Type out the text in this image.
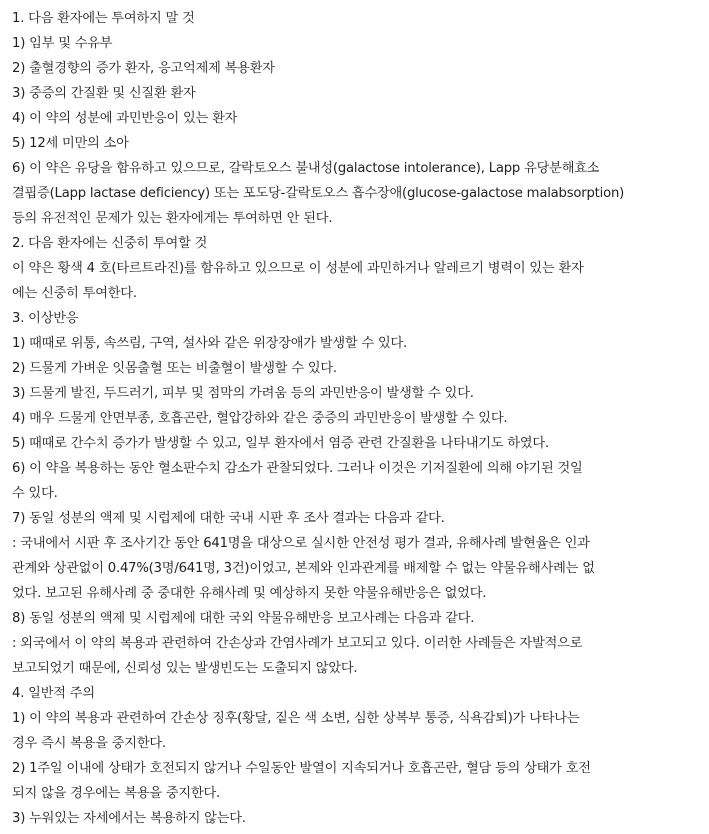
1. 다음 환자에는 투여하지 말 것
1) 임부 및 수유부
2) 출혈경향의 증가 환자, 응고억제제 복용환자
3) 중증의 간질환 및 신질환 환자
4) 이 약의 성분에 과민반응이 있는 환자
5) 12세 미만의 소아
6) 이 약은 유당을 함유하고 있으므로, 갈락토오스 불내성(galactose intolerance), Lapp 유당분해효소
결핍증(Lapp lactase deficiency) 또는 포도당-갈락토오스 흡수장애(glucose-galactose malabsorption)
등의 유전적인 문제가 있는 환자에게는 투여하면 안 된다.
2. 다음 환자에는 신중히 투여할 것
이 약은 황색 4 호(타르트라진)를 함유하고 있으므로 이 성분에 과민하거나 알레르기 병력이 있는 환자
에는 신중히 투여한다.
3. 이상반응
1) 때때로 위통, 속쓰림, 구역, 설사와 같은 위장장애가 발생할 수 있다.
2) 드물게 가벼운 잇몸출혈 또는 비출혈이 발생할 수 있다.
3) 드물게 발진, 두드러기, 피부 및 점막의 가려움 등의 과민반응이 발생할 수 있다.
4) 매우 드물게 안면부종, 호흡곤란, 혈압강하와 같은 중증의 과민반응이 발생할 수 있다.
5) 때때로 간수치 증가가 발생할 수 있고, 일부 환자에서 염증 관련 간질환을 나타내기도 하였다.
6) 이 약을 복용하는 동안 혈소판수치 감소가 관찰되었다. 그러나 이것은 기저질환에 의해 야기된 것일
수 있다.
7) 동일 성분의 액제 및 시럽제에 대한 국내 시판 후 조사 결과는 다음과 같다.
: 국내에서 시판 후 조사기간 동안 641명을 대상으로 실시한 안전성 평가 결과, 유해사례 발현율은 인과
관계와 상관없이 0.47%(3명/641명, 3건)이었고, 본제와 인과관계를 배제할 수 없는 약물유해사례는 없
었다. 보고된 유해사례 중 중대한 유해사례 및 예상하지 못한 약물유해반응은 없었다.
8) 동일 성분의 액제 및 시럽제에 대한 국외 약물유해반응 보고사례는 다음과 같다.
: 외국에서 이 약의 복용과 관련하여 간손상과 간염사례가 보고되고 있다. 이러한 사례들은 자발적으로
보고되었기 때문에, 신뢰성 있는 발생빈도는 도출되지 않았다.
4. 일반적 주의
1) 이 약의 복용과 관련하여 간손상 징후(황달, 짙은 색 소변, 심한 상복부 통증, 식욕감퇴)가 나타나는
경우 즉시 복용을 중지한다.
2) 1주일 이내에 상태가 호전되지 않거나 수일동안 발열이 지속되거나 호흡곤란, 혈담 등의 상태가 호전
되지 않을 경우에는 복용을 중지한다.
3) 누워있는 자세에서는 복용하지 않는다.
